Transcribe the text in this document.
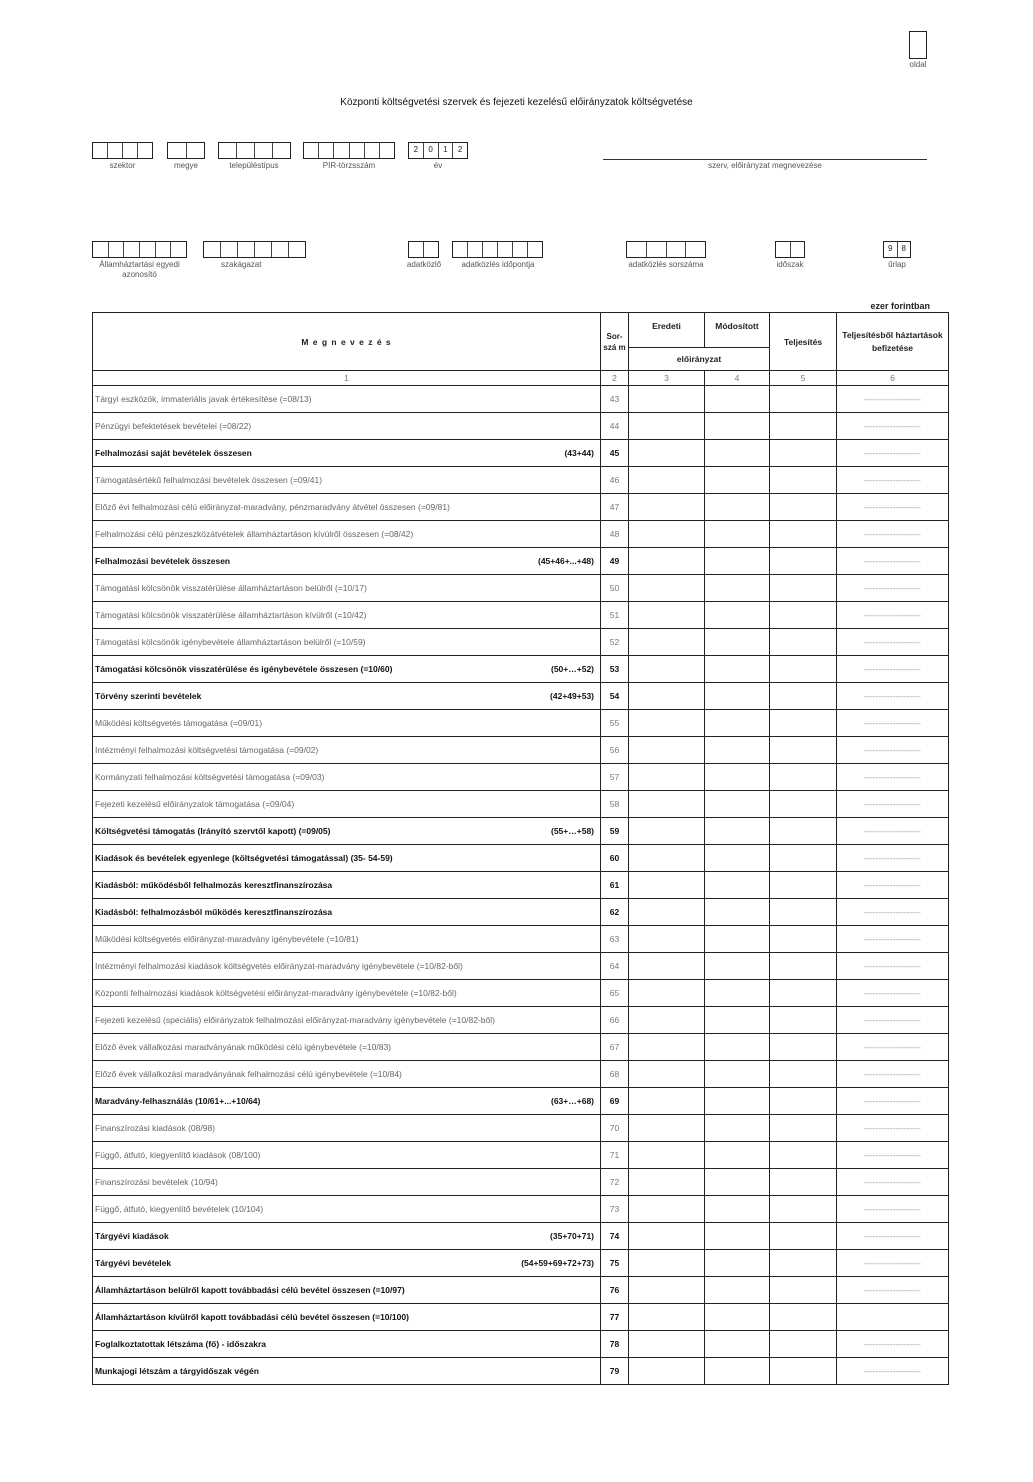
oldal
Központi költségvetési szervek és fejezeti kezelésű előirányzatok költségvetése
szektor	megye	településtípus	PIR-törzsszám
2	0	1	2
év	szerv, előirányzat megnevezése
Államháztartási egyedi azonosító
szakágazat	adatközlő	adatközlés időpontja	adatközlés sorszáma	időszak
9	8
űrlap
ezer forintban
M e g n e v e z é s	Sor-szá m	Eredeti	Módosított	Teljesítés	Teljesítésből háztartások befizetése
		előirányzat			
1	2	3	4	5	6
Tárgyi eszközök, immateriális javak értékesítése (=08/13)	43				--------------------
Pénzügyi befektetések bevételei (=08/22)	44				--------------------
Felhalmozási saját bevételek összesen (43+44)	45				--------------------
Támogatásértékű felhalmozási bevételek összesen (=09/41)	46				--------------------
Előző évi felhalmozási célú előirányzat-maradvány, pénzmaradvány átvétel összesen (=09/81)	47				--------------------
Felhalmozási célú pénzeszközátvételek államháztartáson kívülről összesen (=08/42)	48				--------------------
Felhalmozási bevételek összesen (45+46+...+48)	49				--------------------
Támogatási kölcsönök visszatérülése államháztartáson belülről (=10/17)	50				--------------------
Támogatási kölcsönök visszatérülése államháztartáson kívülről (=10/42)	51				--------------------
Támogatási kölcsönök igénybevétele államháztartáson belülről (=10/59)	52				--------------------
Támogatási kölcsönök visszatérülése és igénybevétele összesen (=10/60) (50+…+52)	53				--------------------
Törvény szerinti bevételek (42+49+53)	54				--------------------
Működési költségvetés támogatása (=09/01)	55				--------------------
Intézményi felhalmozási költségvetési támogatása (=09/02)	56				--------------------
Kormányzati felhalmozási költségvetési támogatása (=09/03)	57				--------------------
Fejezeti kezelésű előirányzatok támogatása (=09/04)	58				--------------------
Költségvetési támogatás (Irányító szervtől kapott) (=09/05) (55+…+58)	59				--------------------
Kiadások és bevételek egyenlege (költségvetési támogatással) (35- 54-59)	60				--------------------
Kiadásból: működésből felhalmozás keresztfinanszírozása	61				--------------------
Kiadásból: felhalmozásból működés keresztfinanszírozása	62				--------------------
Működési költségvetés előirányzat-maradvány igénybevétele (=10/81)	63				--------------------
Intézményi felhalmozási kiadások költségvetés előirányzat-maradvány igénybevétele (=10/82-ből)	64				--------------------
Központi felhalmozási kiadások költségvetési előirányzat-maradvány igénybevétele (=10/82-ből)	65				--------------------
Fejezeti kezelésű (speciális) előirányzatok felhalmozási előirányzat-maradvány igénybevétele (=10/82-ből)	66				--------------------
Előző évek vállalkozási maradványának működési célú igénybevétele (=10/83)	67				--------------------
Előző évek vállalkozási maradványának felhalmozási célú igénybevétele (=10/84)	68				--------------------
Maradvány-felhasználás (10/61+...+10/64) (63+…+68)	69				--------------------
Finanszírozási kiadások (08/98)	70				--------------------
Függő, átfutó, kiegyenlítő kiadások (08/100)	71				--------------------
Finanszírozási bevételek (10/94)	72				--------------------
Függő, átfutó, kiegyenlítő bevételek (10/104)	73				--------------------
Tárgyévi kiadások (35+70+71)	74				--------------------
Tárgyévi bevételek (54+59+69+72+73)	75				--------------------
Államháztartáson belülről kapott továbbadási célú bevétel összesen (=10/97)	76				--------------------
Államháztartáson kívülről kapott továbbadási célú bevétel összesen (=10/100)	77				
Foglalkoztatottak létszáma (fő) - időszakra	78				--------------------
Munkajogi létszám a tárgyidőszak végén	79				--------------------
